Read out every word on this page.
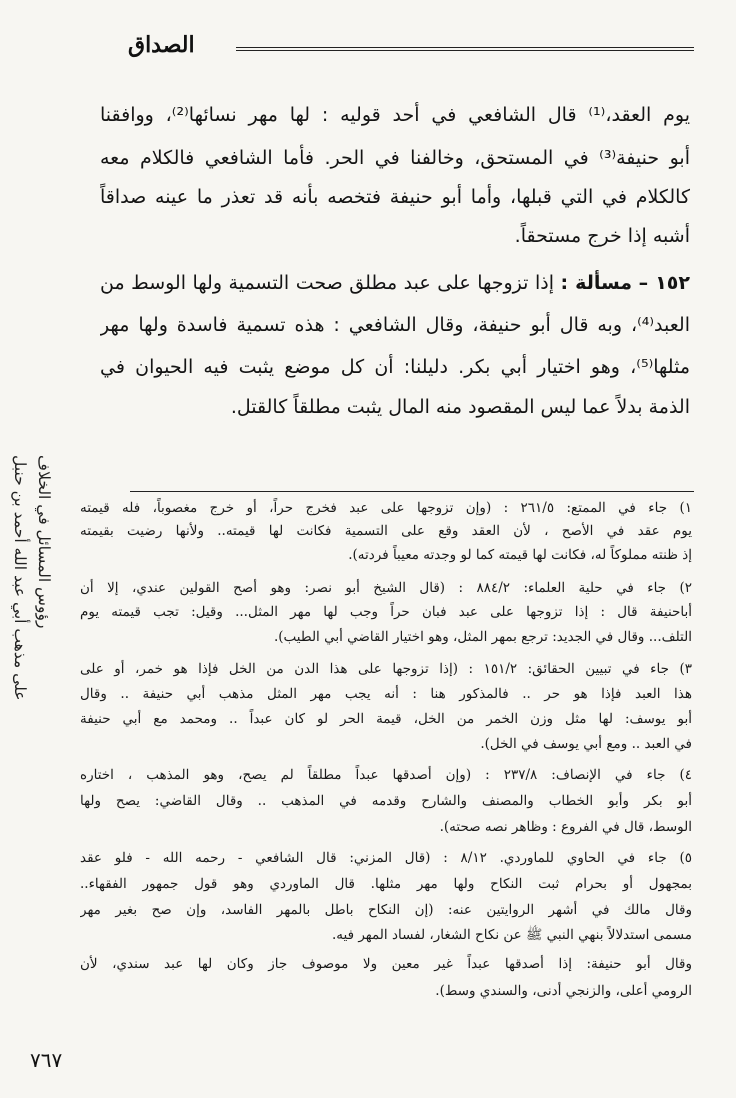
الصداق
رؤوس المسائل في الخلاف
على مذهب أبي عبد الله أحمد بن حنبل
يوم العقد،⁽¹⁾ قال الشافعي في أحد قوليه : لها مهر نسائها⁽²⁾، ووافقنا
أبو حنيفة⁽³⁾ في المستحق، وخالفنا في الحر. فأما الشافعي فالكلام معه
كالكلام في التي قبلها، وأما أبو حنيفة فتخصه بأنه قد تعذر ما عينه صداقاً
أشبه إذا خرج مستحقاً.
١٥٢ – مسألة : إذا تزوجها على عبد مطلق صحت التسمية ولها الوسط من
العبد⁽⁴⁾، وبه قال أبو حنيفة، وقال الشافعي : هذه تسمية فاسدة ولها مهر
مثلها⁽⁵⁾، وهو اختيار أبي بكر. دليلنا: أن كل موضع يثبت فيه الحيوان في
الذمة بدلاً عما ليس المقصود منه المال يثبت مطلقاً كالقتل.
١) جاء في الممتع: ٢٦١/٥ : (وإن تزوجها على عبد فخرج حراً، أو خرج مغصوباً، فله قيمته
يوم عقد في الأصح ، لأن العقد وقع على التسمية فكانت لها قيمته.. ولأنها رضيت بقيمته
إذ ظنته مملوكاً له، فكانت لها قيمته كما لو وجدته معيباً فردته).
٢) جاء في حلية العلماء: ٨٨٤/٢ : (قال الشيخ أبو نصر: وهو أصح القولين عندي، إلا أن
أباحنيفة قال : إذا تزوجها على عبد فبان حراً وجب لها مهر المثل... وقيل: تجب قيمته يوم
التلف... وقال في الجديد: ترجع بمهر المثل، وهو اختيار القاضي أبي الطيب).
٣) جاء في تبيين الحقائق: ١٥١/٢ : (إذا تزوجها على هذا الدن من الخل فإذا هو خمر، أو على
هذا العبد فإذا هو حر .. فالمذكور هنا : أنه يجب مهر المثل مذهب أبي حنيفة .. وقال
أبو يوسف: لها مثل وزن الخمر من الخل، قيمة الحر لو كان عبداً .. ومحمد مع أبي حنيفة
في العبد .. ومع أبي يوسف في الخل).
٤) جاء في الإنصاف: ٢٣٧/٨ : (وإن أصدقها عبداً مطلقاً لم يصح، وهو المذهب ، اختاره
أبو بكر وأبو الخطاب والمصنف والشارح وقدمه في المذهب .. وقال القاضي: يصح ولها
الوسط، قال في الفروع : وظاهر نصه صحته).
٥) جاء في الحاوي للماوردي. ٨/١٢ : (قال المزني: قال الشافعي - رحمه الله - فلو عقد
بمجهول أو بحرام ثبت النكاح ولها مهر مثلها. قال الماوردي وهو قول جمهور الفقهاء..
وقال مالك في أشهر الروايتين عنه: (إن النكاح باطل بالمهر الفاسد، وإن صح بغير مهر
مسمى استدلالاً بنهي النبي ﷺ عن نكاح الشغار، لفساد المهر فيه.
وقال أبو حنيفة: إذا أصدقها عبداً غير معين ولا موصوف جاز وكان لها عبد سندي، لأن
الرومي أعلى، والزنجي أدنى، والسندي وسط).
٧٦٧
